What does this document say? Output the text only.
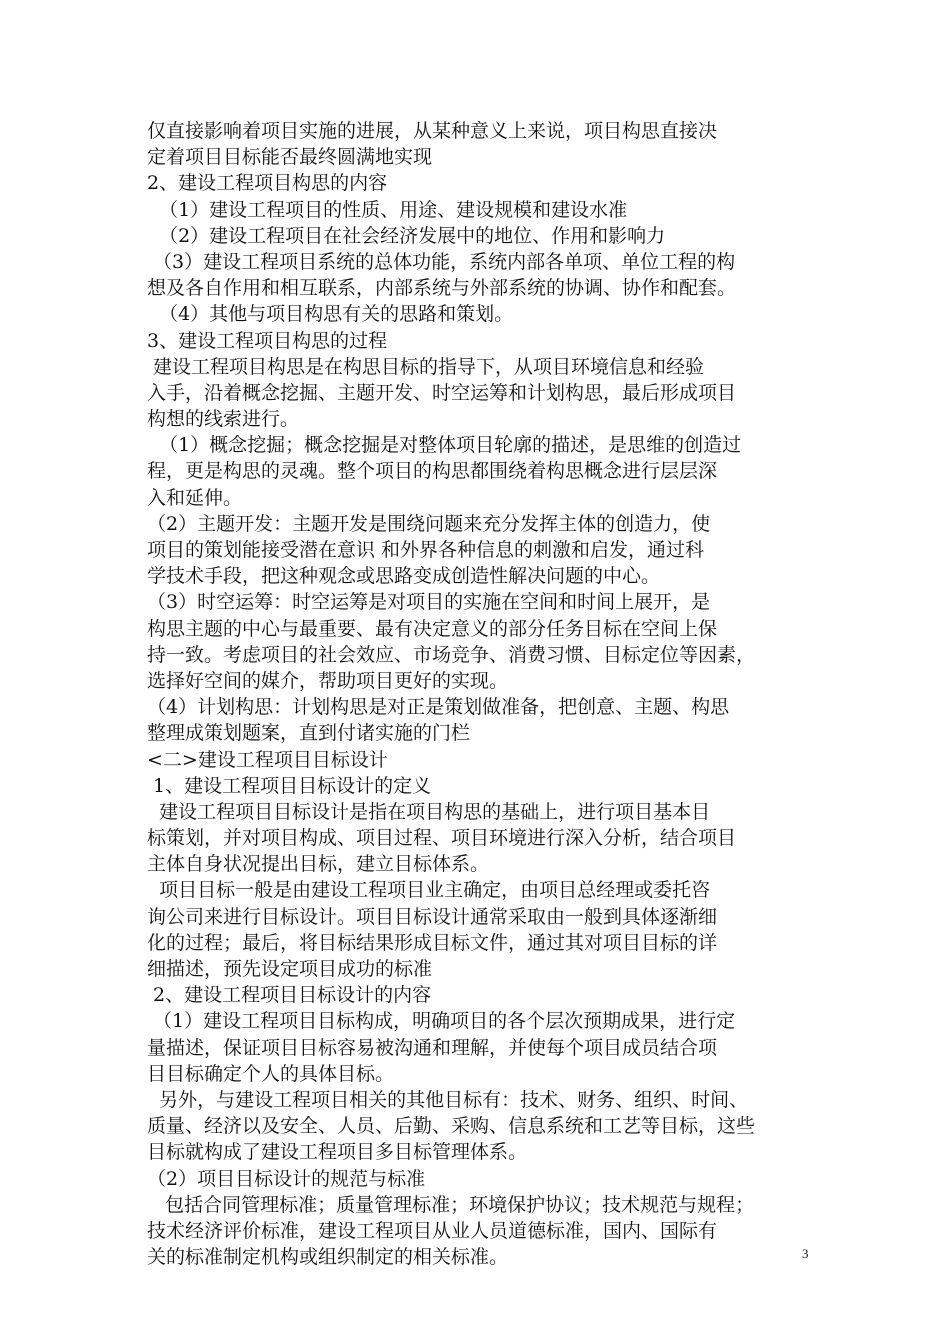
仅直接影响着项目实施的进展，从某种意义上来说，项目构思直接决
定着项目目标能否最终圆满地实现
2、建设工程项目构思的内容
（1）建设工程项目的性质、用途、建设规模和建设水准
（2）建设工程项目在社会经济发展中的地位、作用和影响力
（3）建设工程项目系统的总体功能，系统内部各单项、单位工程的构
想及各自作用和相互联系，内部系统与外部系统的协调、协作和配套。
（4）其他与项目构思有关的思路和策划。
3、建设工程项目构思的过程
建设工程项目构思是在构思目标的指导下，从项目环境信息和经验
入手，沿着概念挖掘、主题开发、时空运筹和计划构思，最后形成项目
构想的线索进行。
（1）概念挖掘；概念挖掘是对整体项目轮廓的描述，是思维的创造过
程，更是构思的灵魂。整个项目的构思都围绕着构思概念进行层层深
入和延伸。
（2）主题开发：主题开发是围绕问题来充分发挥主体的创造力，使
项目的策划能接受潜在意识 和外界各种信息的刺激和启发，通过科
学技术手段，把这种观念或思路变成创造性解决问题的中心。
（3）时空运筹：时空运筹是对项目的实施在空间和时间上展开，是
构思主题的中心与最重要、最有决定意义的部分任务目标在空间上保
持一致。考虑项目的社会效应、市场竞争、消费习惯、目标定位等因素，
选择好空间的媒介，帮助项目更好的实现。
（4）计划构思：计划构思是对正是策划做准备，把创意、主题、构思
整理成策划题案，直到付诸实施的门栏
<二>建设工程项目目标设计
1、建设工程项目目标设计的定义
建设工程项目目标设计是指在项目构思的基础上，进行项目基本目
标策划，并对项目构成、项目过程、项目环境进行深入分析，结合项目
主体自身状况提出目标，建立目标体系。
项目目标一般是由建设工程项目业主确定，由项目总经理或委托咨
询公司来进行目标设计。项目目标设计通常采取由一般到具体逐渐细
化的过程；最后，将目标结果形成目标文件，通过其对项目目标的详
细描述，预先设定项目成功的标准
2、建设工程项目目标设计的内容
（1）建设工程项目目标构成，明确项目的各个层次预期成果，进行定
量描述，保证项目目标容易被沟通和理解，并使每个项目成员结合项
目目标确定个人的具体目标。
另外，与建设工程项目相关的其他目标有：技术、财务、组织、时间、
质量、经济以及安全、人员、后勤、采购、信息系统和工艺等目标，这些
目标就构成了建设工程项目多目标管理体系。
（2）项目目标设计的规范与标准
包括合同管理标准；质量管理标准；环境保护协议；技术规范与规程；
技术经济评价标准，建设工程项目从业人员道德标准，国内、国际有
关的标准制定机构或组织制定的相关标准。	3
